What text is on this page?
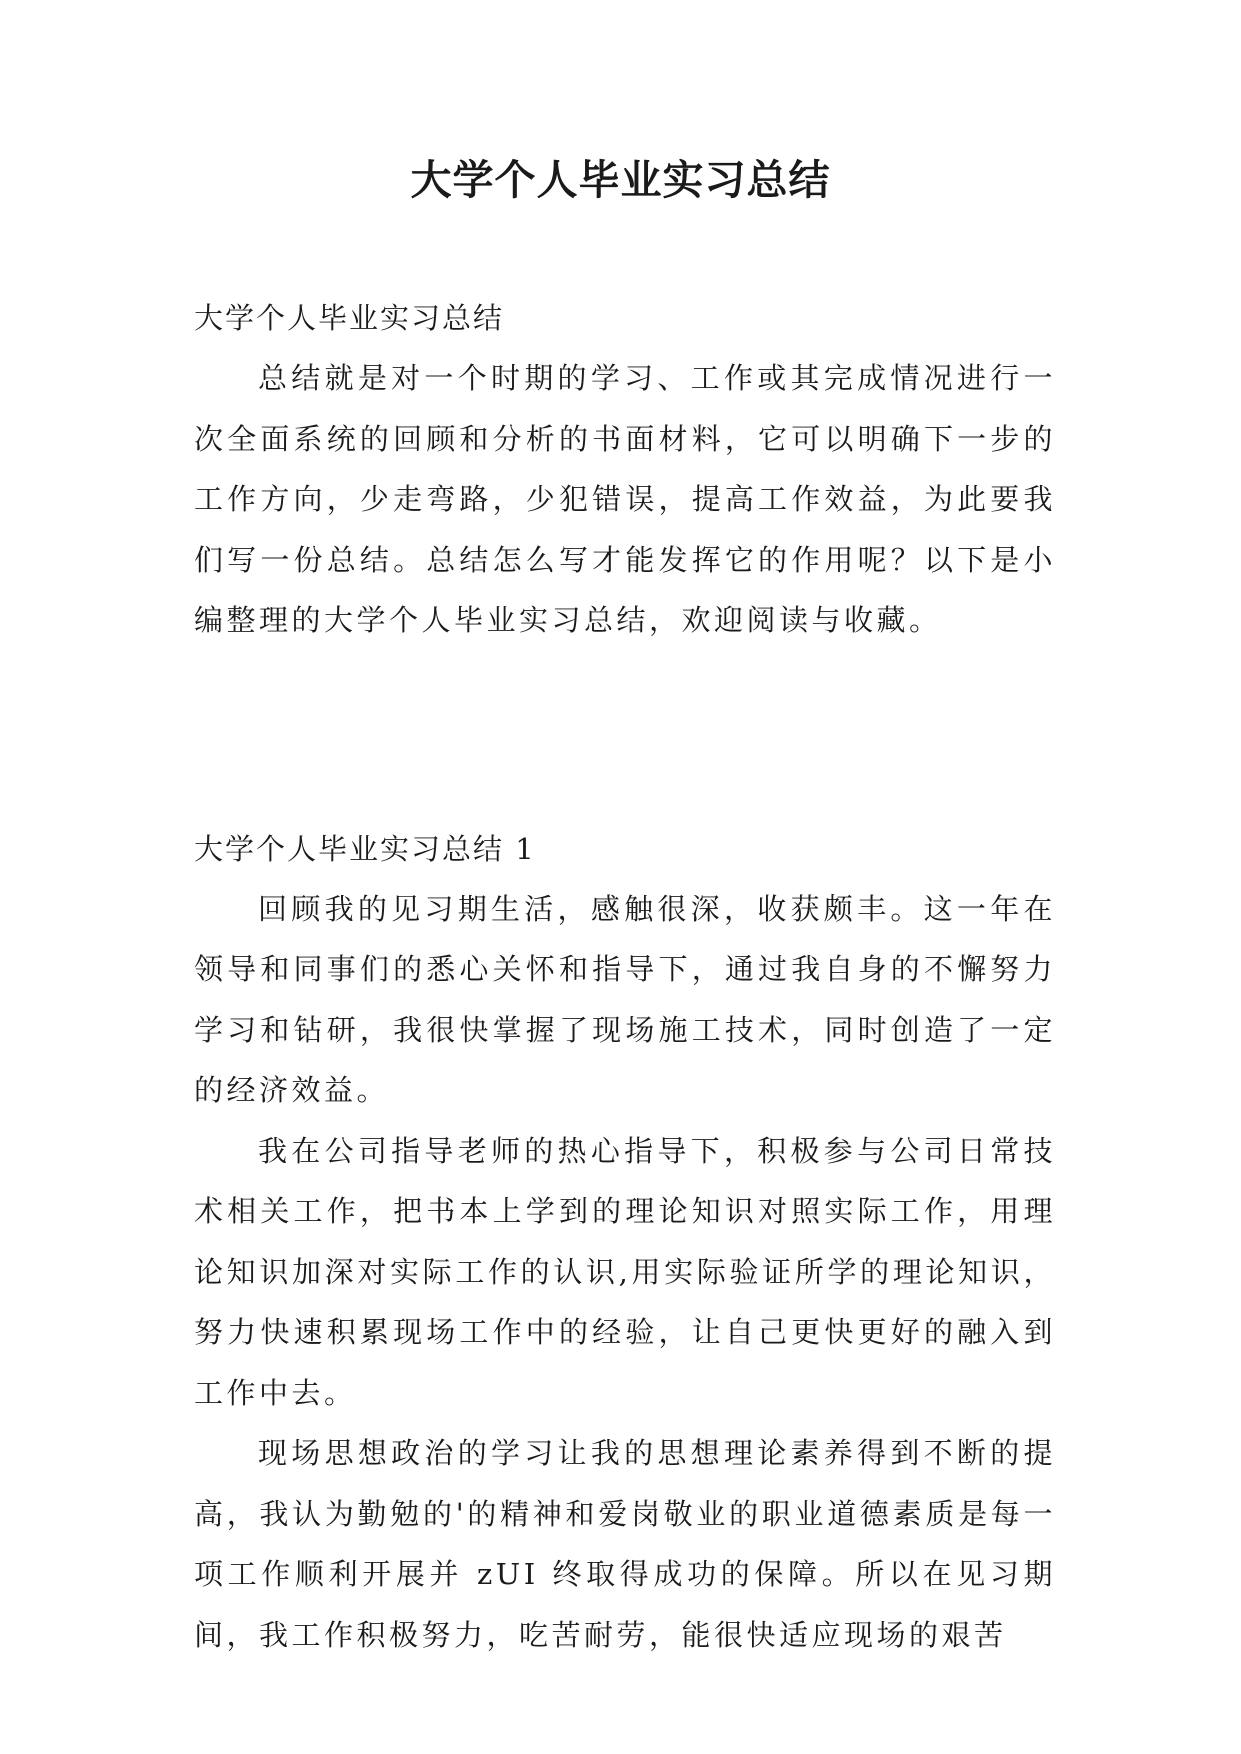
大学个人毕业实习总结

大学个人毕业实习总结

总结就是对一个时期的学习、工作或其完成情况进行一次全面系统的回顾和分析的书面材料，它可以明确下一步的工作方向，少走弯路，少犯错误，提高工作效益，为此要我们写一份总结。总结怎么写才能发挥它的作用呢？以下是小编整理的大学个人毕业实习总结，欢迎阅读与收藏。

大学个人毕业实习总结 1

回顾我的见习期生活，感触很深，收获颇丰。这一年在领导和同事们的悉心关怀和指导下，通过我自身的不懈努力学习和钻研，我很快掌握了现场施工技术，同时创造了一定的经济效益。

我在公司指导老师的热心指导下，积极参与公司日常技术相关工作，把书本上学到的理论知识对照实际工作，用理论知识加深对实际工作的认识,用实际验证所学的理论知识，努力快速积累现场工作中的经验，让自己更快更好的融入到工作中去。

现场思想政治的学习让我的思想理论素养得到不断的提高，我认为勤勉的'的精神和爱岗敬业的职业道德素质是每一项工作顺利开展并 zUI 终取得成功的保障。所以在见习期间，我工作积极努力，吃苦耐劳，能很快适应现场的艰苦
